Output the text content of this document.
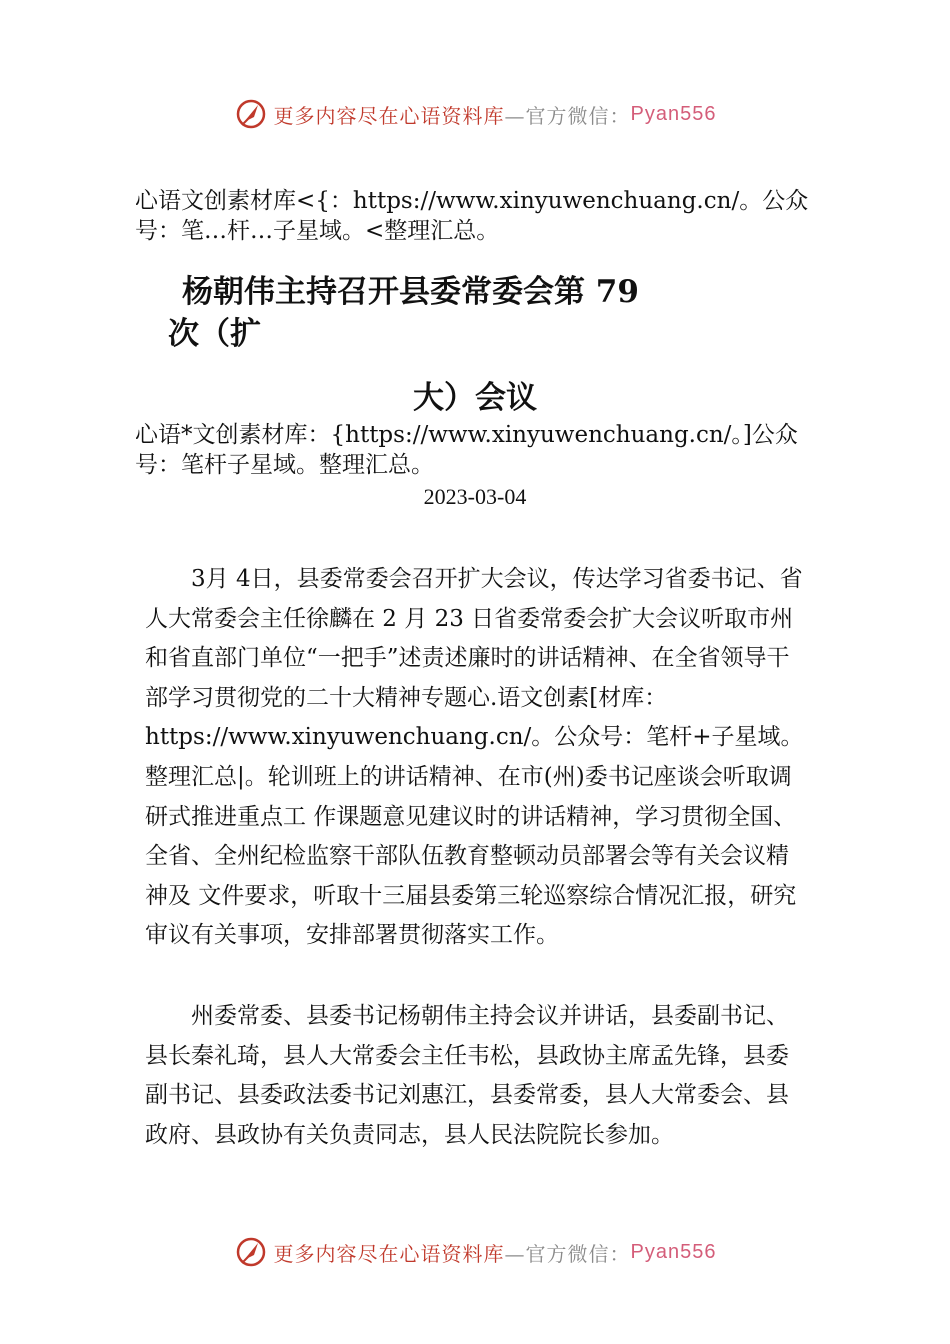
更多内容尽在心语资料库 —官方微信： Pyan556
心语文创素材库<{：https://www.xinyuwenchuang.cn/。公众号：笔…杆…子星域。<整理汇总。
杨朝伟主持召开县委常委会第 79
次（扩
大）会议
心语*文创素材库：{https://www.xinyuwenchuang.cn/。]公众号：笔杆子星域。整理汇总。
2023-03-04

3月 4日，县委常委会召开扩大会议，传达学习省委书记、省人大常委会主任徐麟在 2 月 23 日省委常委会扩大会议听取市州和省直部门单位“一把手”述责述廉时的讲话精神、在全省领导干部学习贯彻党的二十大精神专题心.语文创素[材库：https://www.xinyuwenchuang.cn/。公众号：笔杆+子星域。整理汇总|。轮训班上的讲话精神、在市(州)委书记座谈会听取调研式推进重点工 作课题意见建议时的讲话精神，学习贯彻全国、全省、全州纪检监察干部队伍教育整顿动员部署会等有关会议精神及 文件要求，听取十三届县委第三轮巡察综合情况汇报，研究审议有关事项，安排部署贯彻落实工作。

州委常委、县委书记杨朝伟主持会议并讲话，县委副书记、县长秦礼琦，县人大常委会主任韦松，县政协主席孟先锋，县委副书记、县委政法委书记刘惠江，县委常委，县人大常委会、县政府、县政协有关负责同志，县人民法院院长参加。

更多内容尽在心语资料库 —官方微信： Pyan556
